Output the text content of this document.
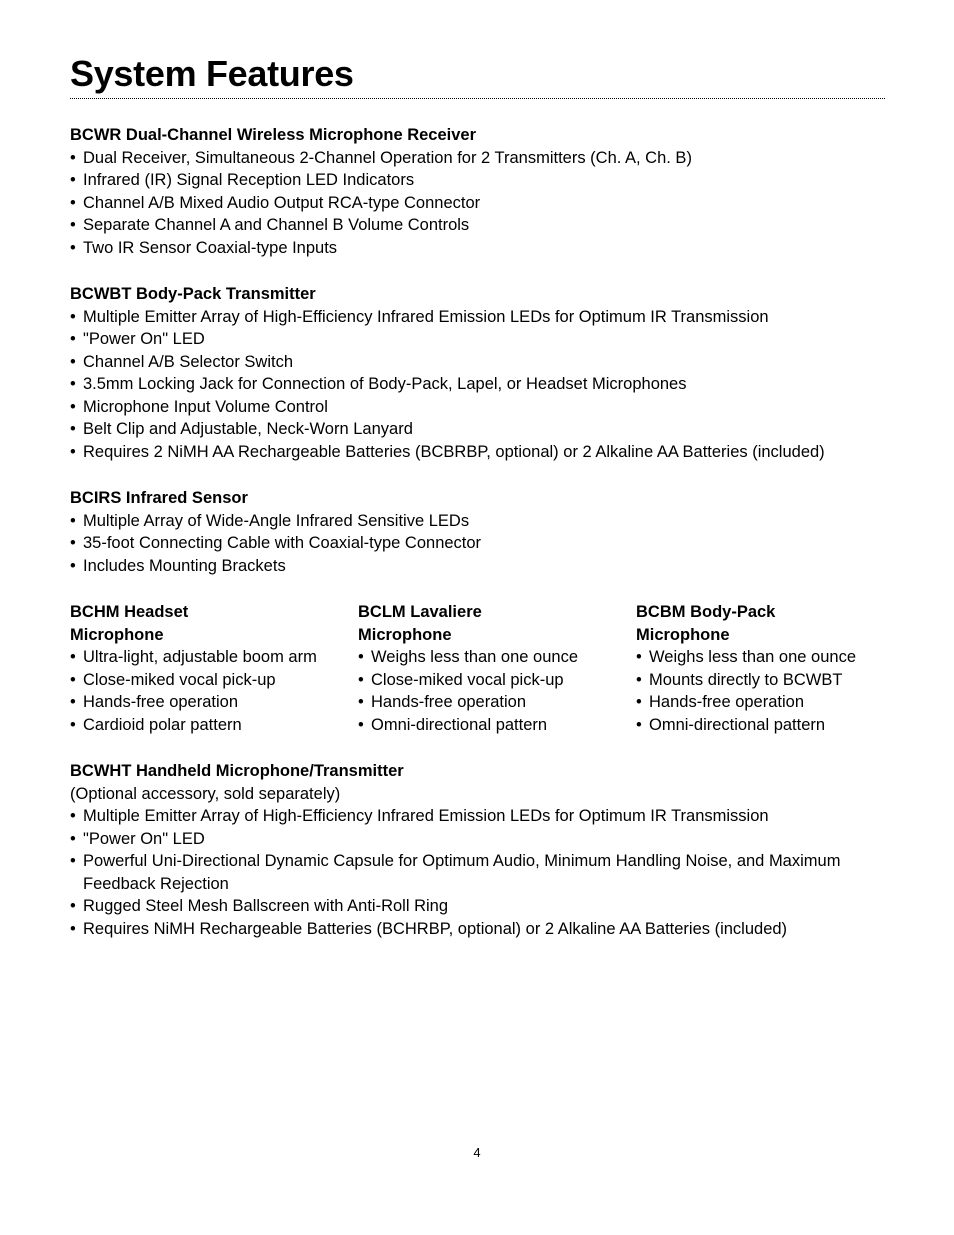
System Features
BCWR Dual-Channel Wireless Microphone Receiver
• Dual Receiver, Simultaneous 2-Channel Operation for 2 Transmitters (Ch. A, Ch. B)
• Infrared (IR) Signal Reception LED Indicators
• Channel A/B Mixed Audio Output RCA-type Connector
• Separate Channel A and Channel B Volume Controls
• Two IR Sensor Coaxial-type Inputs
BCWBT Body-Pack Transmitter
• Multiple Emitter Array of High-Efficiency Infrared Emission LEDs for Optimum IR Transmission
• "Power On" LED
• Channel A/B Selector Switch
• 3.5mm Locking Jack for Connection of Body-Pack, Lapel, or Headset Microphones
• Microphone Input Volume Control
• Belt Clip and Adjustable, Neck-Worn Lanyard
• Requires 2 NiMH AA Rechargeable Batteries (BCBRBP, optional) or 2 Alkaline AA Batteries (included)
BCIRS Infrared Sensor
• Multiple Array of Wide-Angle Infrared Sensitive LEDs
• 35-foot Connecting Cable with Coaxial-type Connector
• Includes Mounting Brackets
BCHM Headset
Microphone
• Ultra-light, adjustable boom arm
• Close-miked vocal pick-up
• Hands-free operation
• Cardioid polar pattern
BCLM Lavaliere
Microphone
• Weighs less than one ounce
• Close-miked vocal pick-up
• Hands-free operation
• Omni-directional pattern
BCBM Body-Pack
Microphone
• Weighs less than one ounce
• Mounts directly to BCWBT
• Hands-free operation
• Omni-directional pattern
BCWHT Handheld Microphone/Transmitter
(Optional accessory, sold separately)
• Multiple Emitter Array of High-Efficiency Infrared Emission LEDs for Optimum IR Transmission
• "Power On" LED
• Powerful Uni-Directional Dynamic Capsule for Optimum Audio, Minimum Handling Noise, and Maximum Feedback Rejection
• Rugged Steel Mesh Ballscreen with Anti-Roll Ring
• Requires NiMH Rechargeable Batteries (BCHRBP, optional) or 2 Alkaline AA Batteries (included)
4
